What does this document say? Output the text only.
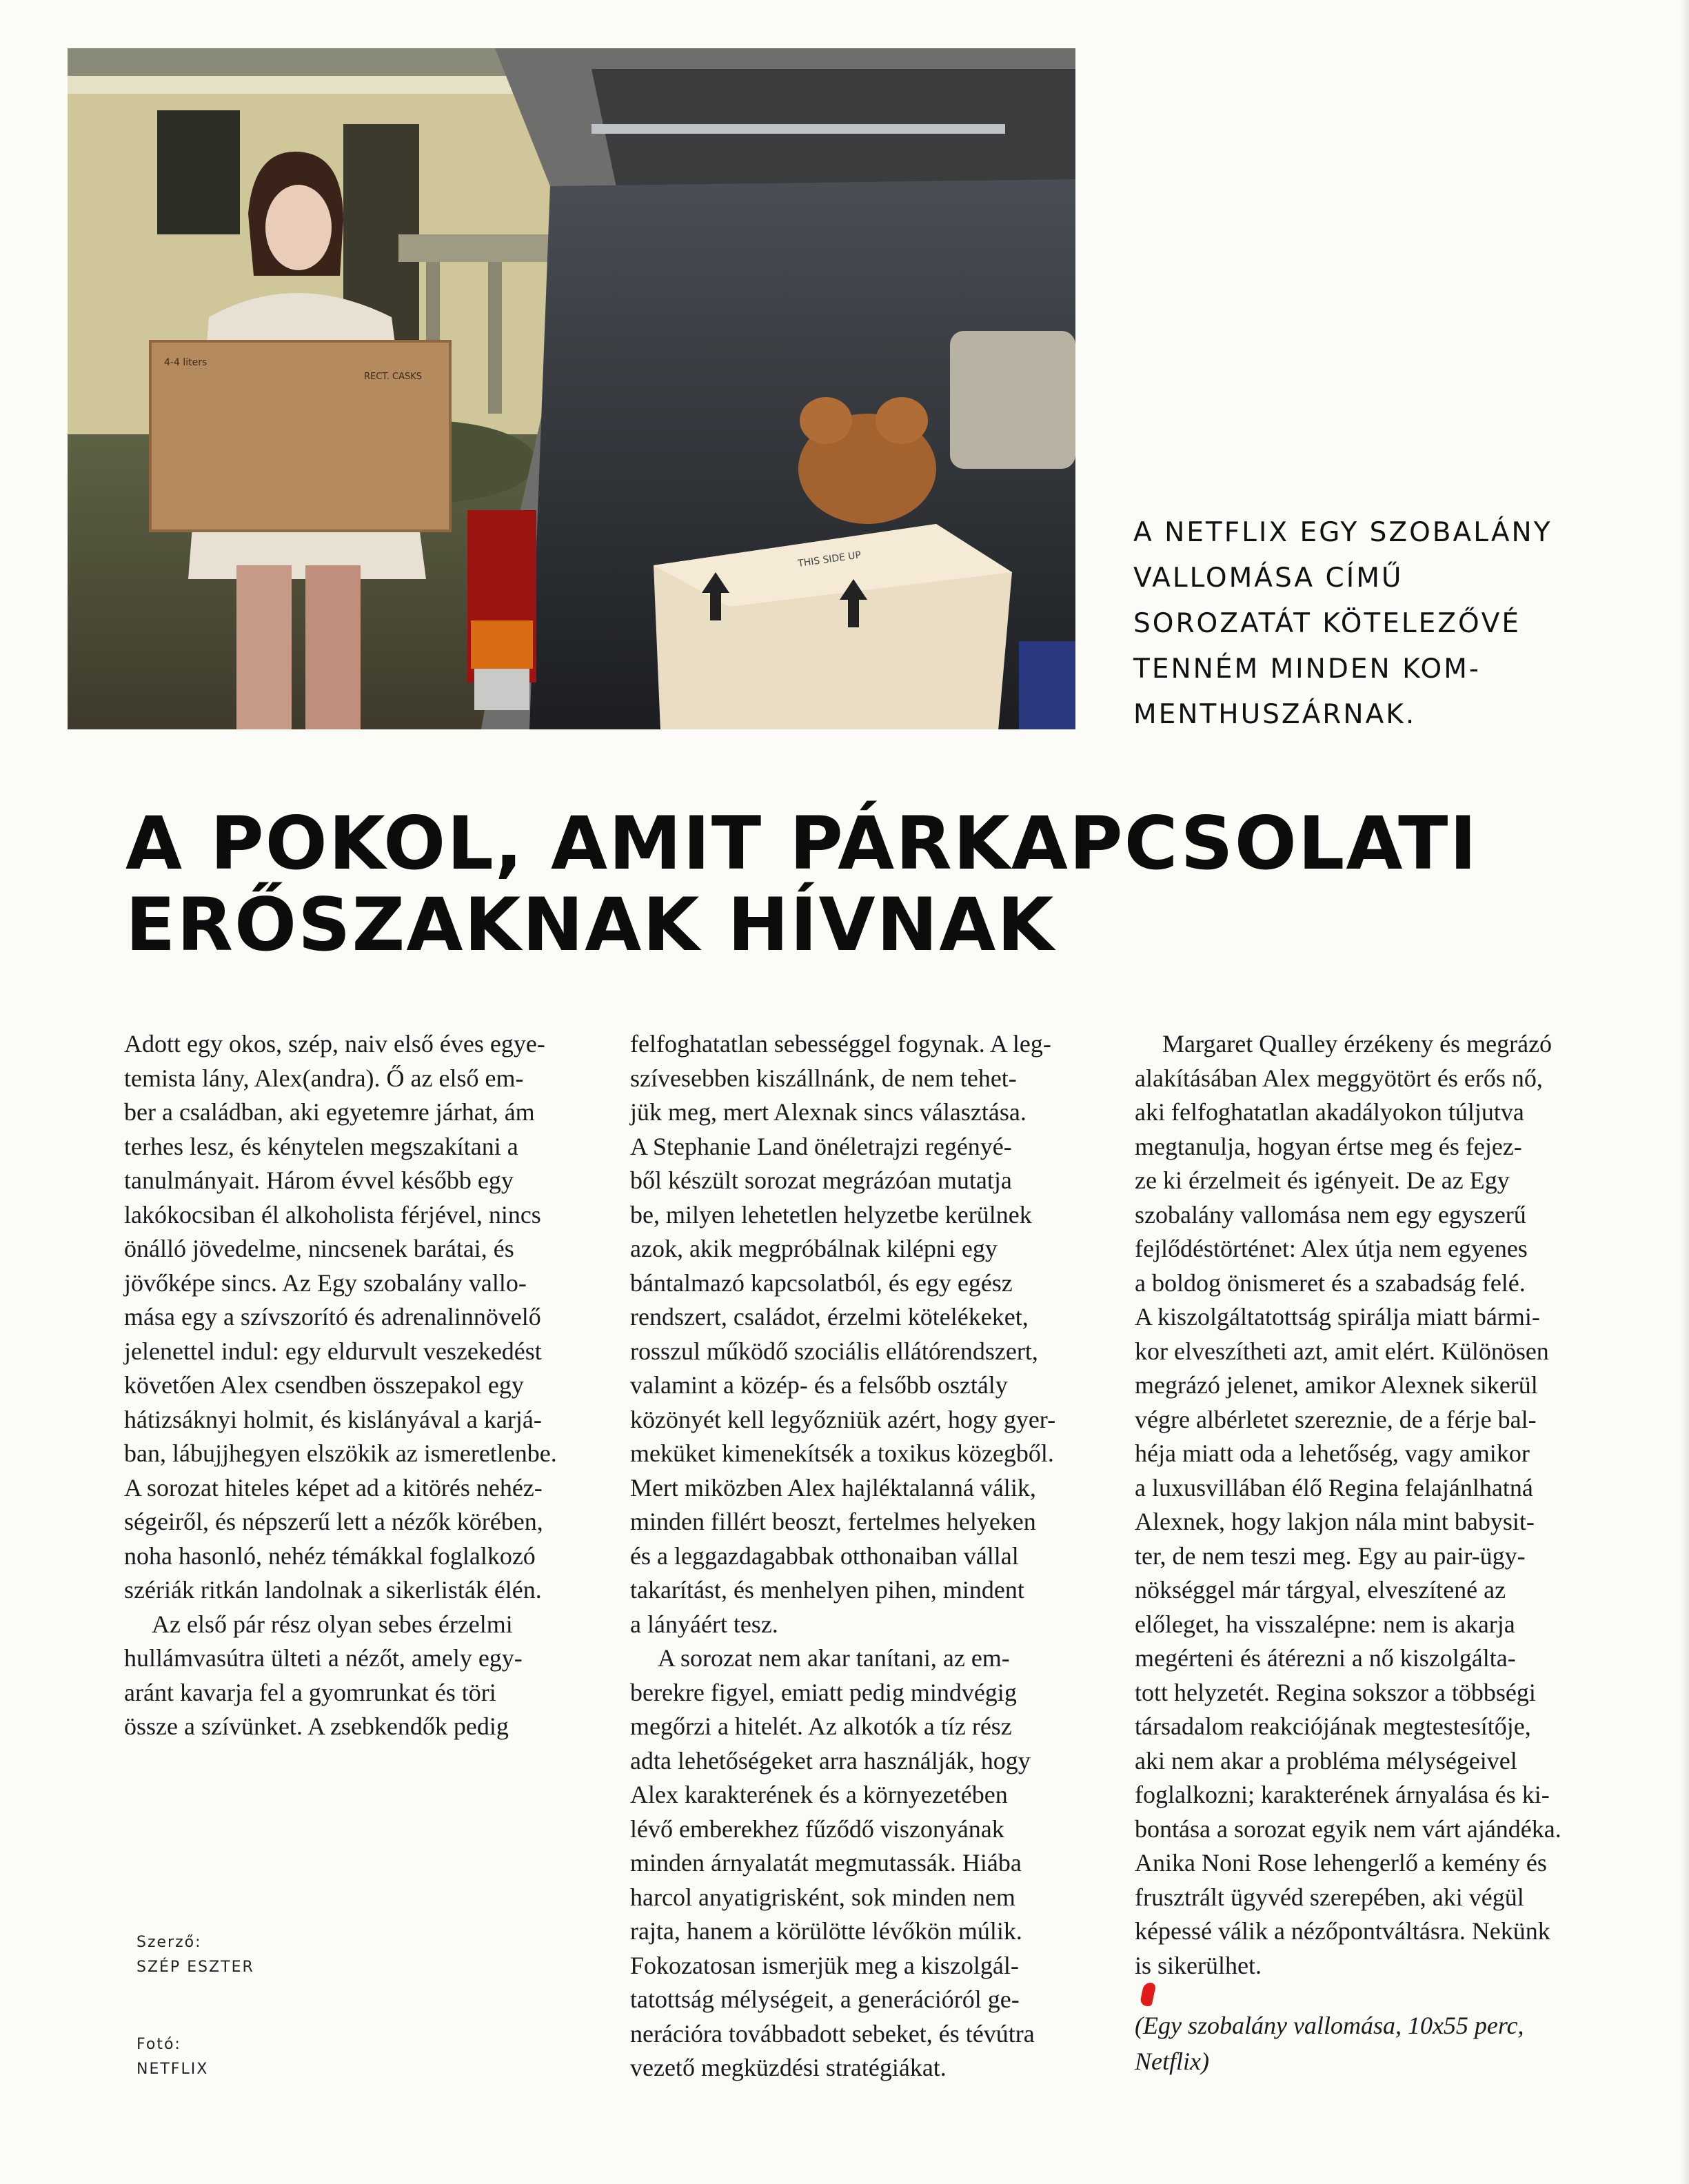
4-4 liters
RECT. CASKS
THIS SIDE UP
A NETFLIX EGY SZOBALÁNY
VALLOMÁSA CÍMŰ
SOROZATÁT KÖTELEZŐVÉ
TENNÉM MINDEN KOM-
MENTHUSZÁRNAK.
A POKOL, AMIT PÁRKAPCSOLATI
ERŐSZAKNAK HÍVNAK
Adott egy okos, szép, naiv első éves egye-
temista lány, Alex(andra). Ő az első em-
ber a családban, aki egyetemre járhat, ám
terhes lesz, és kénytelen megszakítani a
tanulmányait. Három évvel később egy
lakókocsiban él alkoholista férjével, nincs
önálló jövedelme, nincsenek barátai, és
jövőképe sincs. Az Egy szobalány vallo-
mása egy a szívszorító és adrenalinnövelő
jelenettel indul: egy eldurvult veszekedést
követően Alex csendben összepakol egy
hátizsáknyi holmit, és kislányával a karjá-
ban, lábujjhegyen elszökik az ismeretlenbe.
A sorozat hiteles képet ad a kitörés nehéz-
ségeiről, és népszerű lett a nézők körében,
noha hasonló, nehéz témákkal foglalkozó
szériák ritkán landolnak a sikerlisták élén.
Az első pár rész olyan sebes érzelmi
hullámvasútra ülteti a nézőt, amely egy-
aránt kavarja fel a gyomrunkat és töri
össze a szívünket. A zsebkendők pedig
felfoghatatlan sebességgel fogynak. A leg-
szívesebben kiszállnánk, de nem tehet-
jük meg, mert Alexnak sincs választása.
A Stephanie Land önéletrajzi regényé-
ből készült sorozat megrázóan mutatja
be, milyen lehetetlen helyzetbe kerülnek
azok, akik megpróbálnak kilépni egy
bántalmazó kapcsolatból, és egy egész
rendszert, családot, érzelmi kötelékeket,
rosszul működő szociális ellátórendszert,
valamint a közép- és a felsőbb osztály
közönyét kell legyőzniük azért, hogy gyer-
meküket kimenekítsék a toxikus közegből.
Mert miközben Alex hajléktalanná válik,
minden fillért beoszt, fertelmes helyeken
és a leggazdagabbak otthonaiban vállal
takarítást, és menhelyen pihen, mindent
a lányáért tesz.
A sorozat nem akar tanítani, az em-
berekre figyel, emiatt pedig mindvégig
megőrzi a hitelét. Az alkotók a tíz rész
adta lehetőségeket arra használják, hogy
Alex karakterének és a környezetében
lévő emberekhez fűződő viszonyának
minden árnyalatát megmutassák. Hiába
harcol anyatigrisként, sok minden nem
rajta, hanem a körülötte lévőkön múlik.
Fokozatosan ismerjük meg a kiszolgál-
tatottság mélységeit, a generációról ge-
nerációra továbbadott sebeket, és tévútra
vezető megküzdési stratégiákat.
Margaret Qualley érzékeny és megrázó
alakításában Alex meggyötört és erős nő,
aki felfoghatatlan akadályokon túljutva
megtanulja, hogyan értse meg és fejez-
ze ki érzelmeit és igényeit. De az Egy
szobalány vallomása nem egy egyszerű
fejlődéstörténet: Alex útja nem egyenes
a boldog önismeret és a szabadság felé.
A kiszolgáltatottság spirálja miatt bármi-
kor elveszítheti azt, amit elért. Különösen
megrázó jelenet, amikor Alexnek sikerül
végre albérletet szereznie, de a férje bal-
héja miatt oda a lehetőség, vagy amikor
a luxusvillában élő Regina felajánlhatná
Alexnek, hogy lakjon nála mint babysit-
ter, de nem teszi meg. Egy au pair-ügy-
nökséggel már tárgyal, elveszítené az
előleget, ha visszalépne: nem is akarja
megérteni és átérezni a nő kiszolgálta-
tott helyzetét. Regina sokszor a többségi
társadalom reakciójának megtestesítője,
aki nem akar a probléma mélységeivel
foglalkozni; karakterének árnyalása és ki-
bontása a sorozat egyik nem várt ajándéka.
Anika Noni Rose lehengerlő a kemény és
frusztrált ügyvéd szerepében, aki végül
képessé válik a nézőpontváltásra. Nekünk
is sikerülhet.
(Egy szobalány vallomása, 10x55 perc,
Netflix)
Szerző:
SZÉP ESZTER
Fotó:
NETFLIX
